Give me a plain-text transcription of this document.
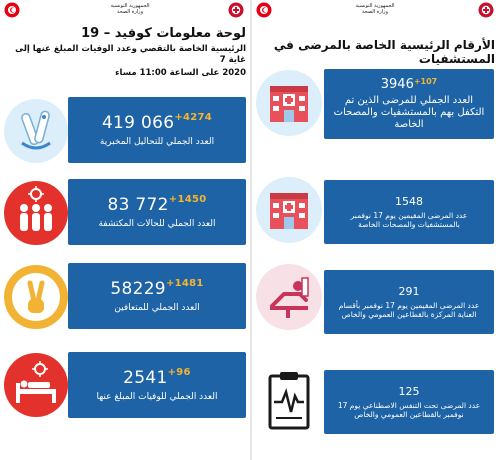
الجمهورية التونسية
وزارة الصحة
لوحة معلومات كوفيد – 19
الرئيسية الخاصة بالتقصي وعدد الوفيات المبلغ عنها إلى غاية 7
2020 على الساعة 11:00 مساء
419 $066^{+4274}$
العدد الجملي للتحاليل المخبرية
83 $772^{+1450}$
العدد الجملي للحالات المكتشفة
$58229^{+1481}$
العدد الجملي للمتعافين
$2541^{+96}$
العدد الجملي للوفيات المبلغ عنها
الجمهورية التونسية
وزارة الصحة
الأرقام الرئيسية الخاصة بالمرضى في المستشفيات
$3946^{+107}$
العدد الجملي للمرضى الذين تم التكفل بهم بالمستشفيات والمصحات الخاصة
1548
عدد المرضى المقيمين يوم 17 نوفمبر بالمستشفيات والمصحات الخاصة
291
عدد المرضى المقيمين يوم 17 نوفمبر بأقسام العناية المركزة بالقطاعين العمومي والخاص
125
عدد المرضى تحت التنفس الاصطناعي يوم 17 نوفمبر بالقطاعين العمومي والخاص
